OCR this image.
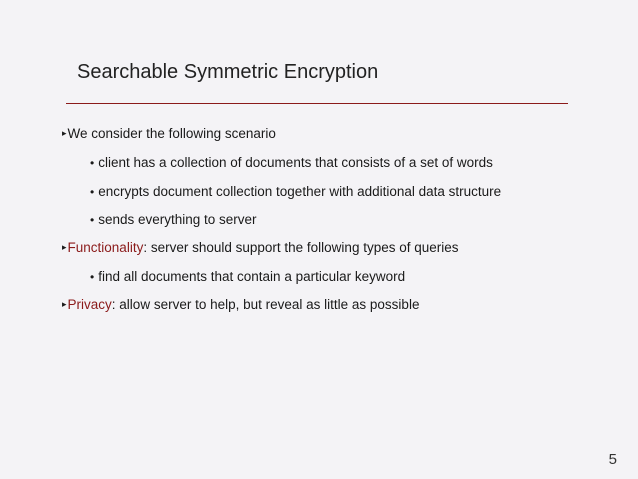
Searchable Symmetric Encryption
▸We consider the following scenario
• client has a collection of documents that consists of a set of words
• encrypts document collection together with additional data structure
• sends everything to server
▸Functionality: server should support the following types of queries
• find all documents that contain a particular keyword
▸Privacy: allow server to help, but reveal as little as possible
5
